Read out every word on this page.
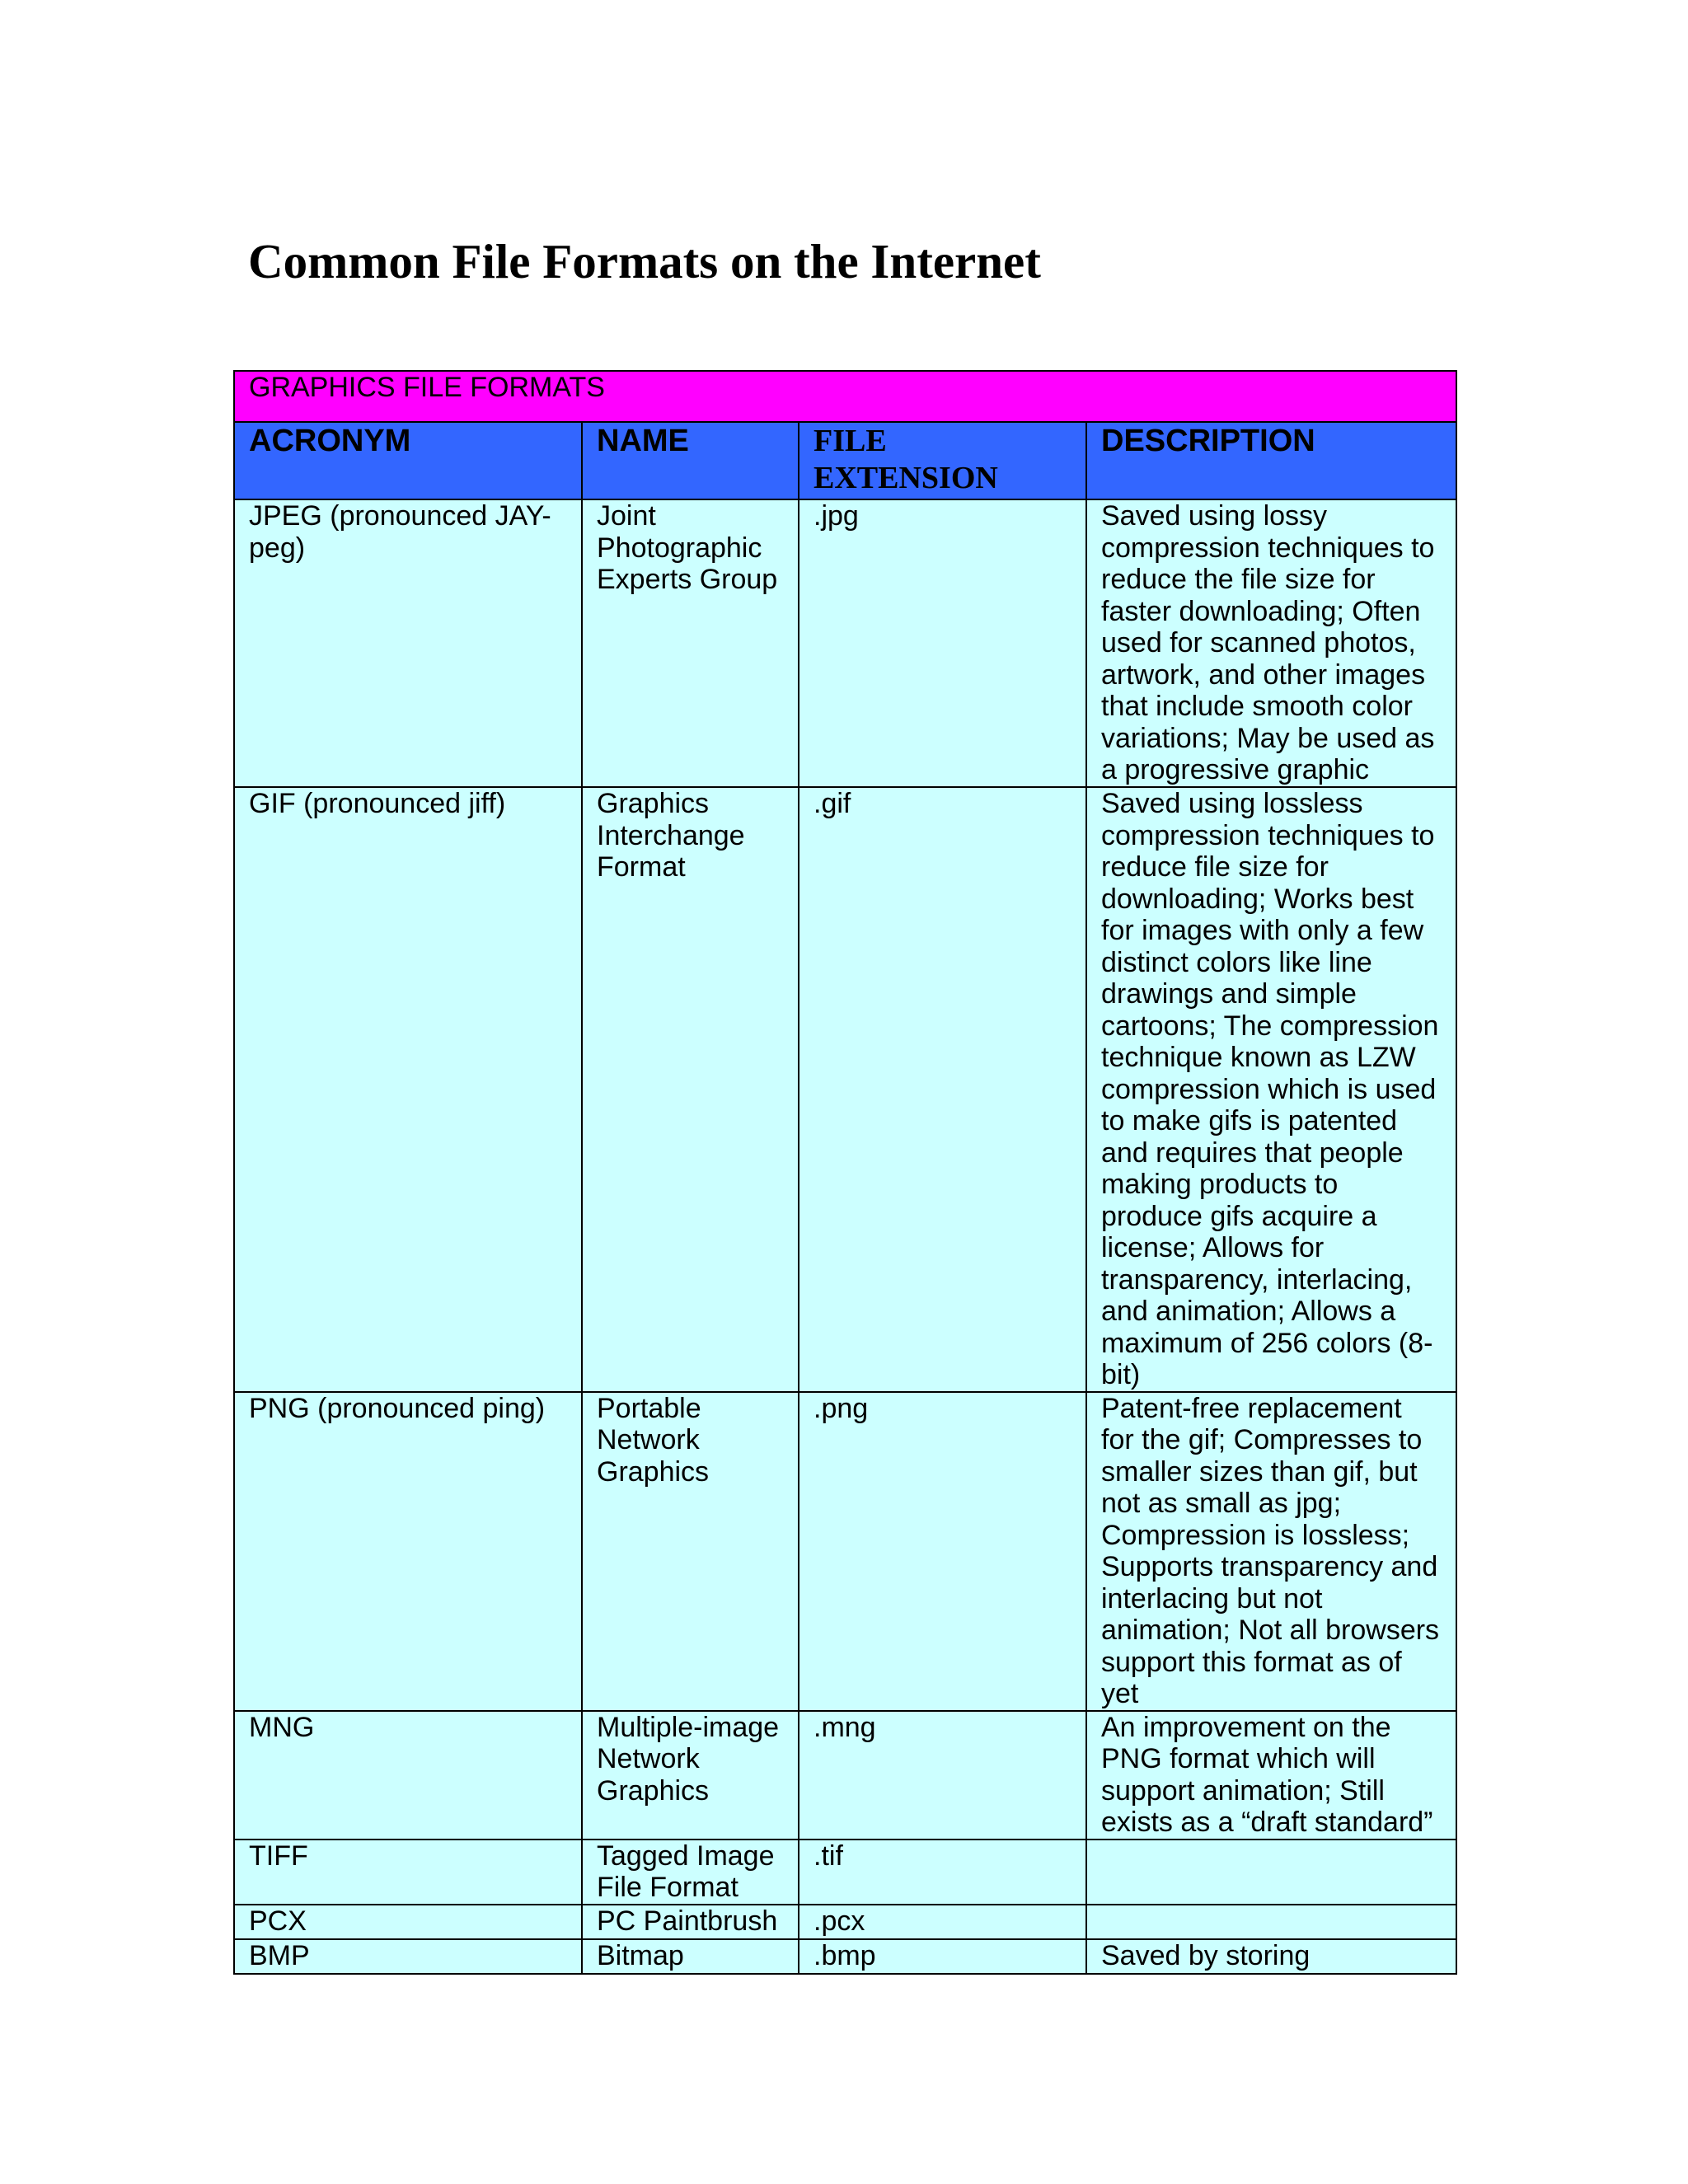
Common File Formats on the Internet
GRAPHICS FILE FORMATS			
ACRONYM	NAME	FILE EXTENSION	DESCRIPTION
JPEG (pronounced JAY-peg)	Joint Photographic Experts Group	.jpg	Saved using lossy compression techniques to reduce the file size for faster downloading; Often used for scanned photos, artwork, and other images that include smooth color variations; May be used as a progressive graphic
GIF (pronounced jiff)	Graphics Interchange Format	.gif	Saved using lossless compression techniques to reduce file size for downloading; Works best for images with only a few distinct colors like line drawings and simple cartoons; The compression technique known as LZW compression which is used to make gifs is patented and requires that people making products to produce gifs acquire a license; Allows for transparency, interlacing, and animation; Allows a maximum of 256 colors (8-bit)
PNG (pronounced ping)	Portable Network Graphics	.png	Patent-free replacement for the gif; Compresses to smaller sizes than gif, but not as small as jpg; Compression is lossless; Supports transparency and interlacing but not animation; Not all browsers support this format as of yet
MNG	Multiple-image Network Graphics	.mng	An improvement on the PNG format which will support animation; Still exists as a “draft standard”
TIFF	Tagged Image File Format	.tif	
PCX	PC Paintbrush	.pcx	
BMP	Bitmap	.bmp	Saved by storing
